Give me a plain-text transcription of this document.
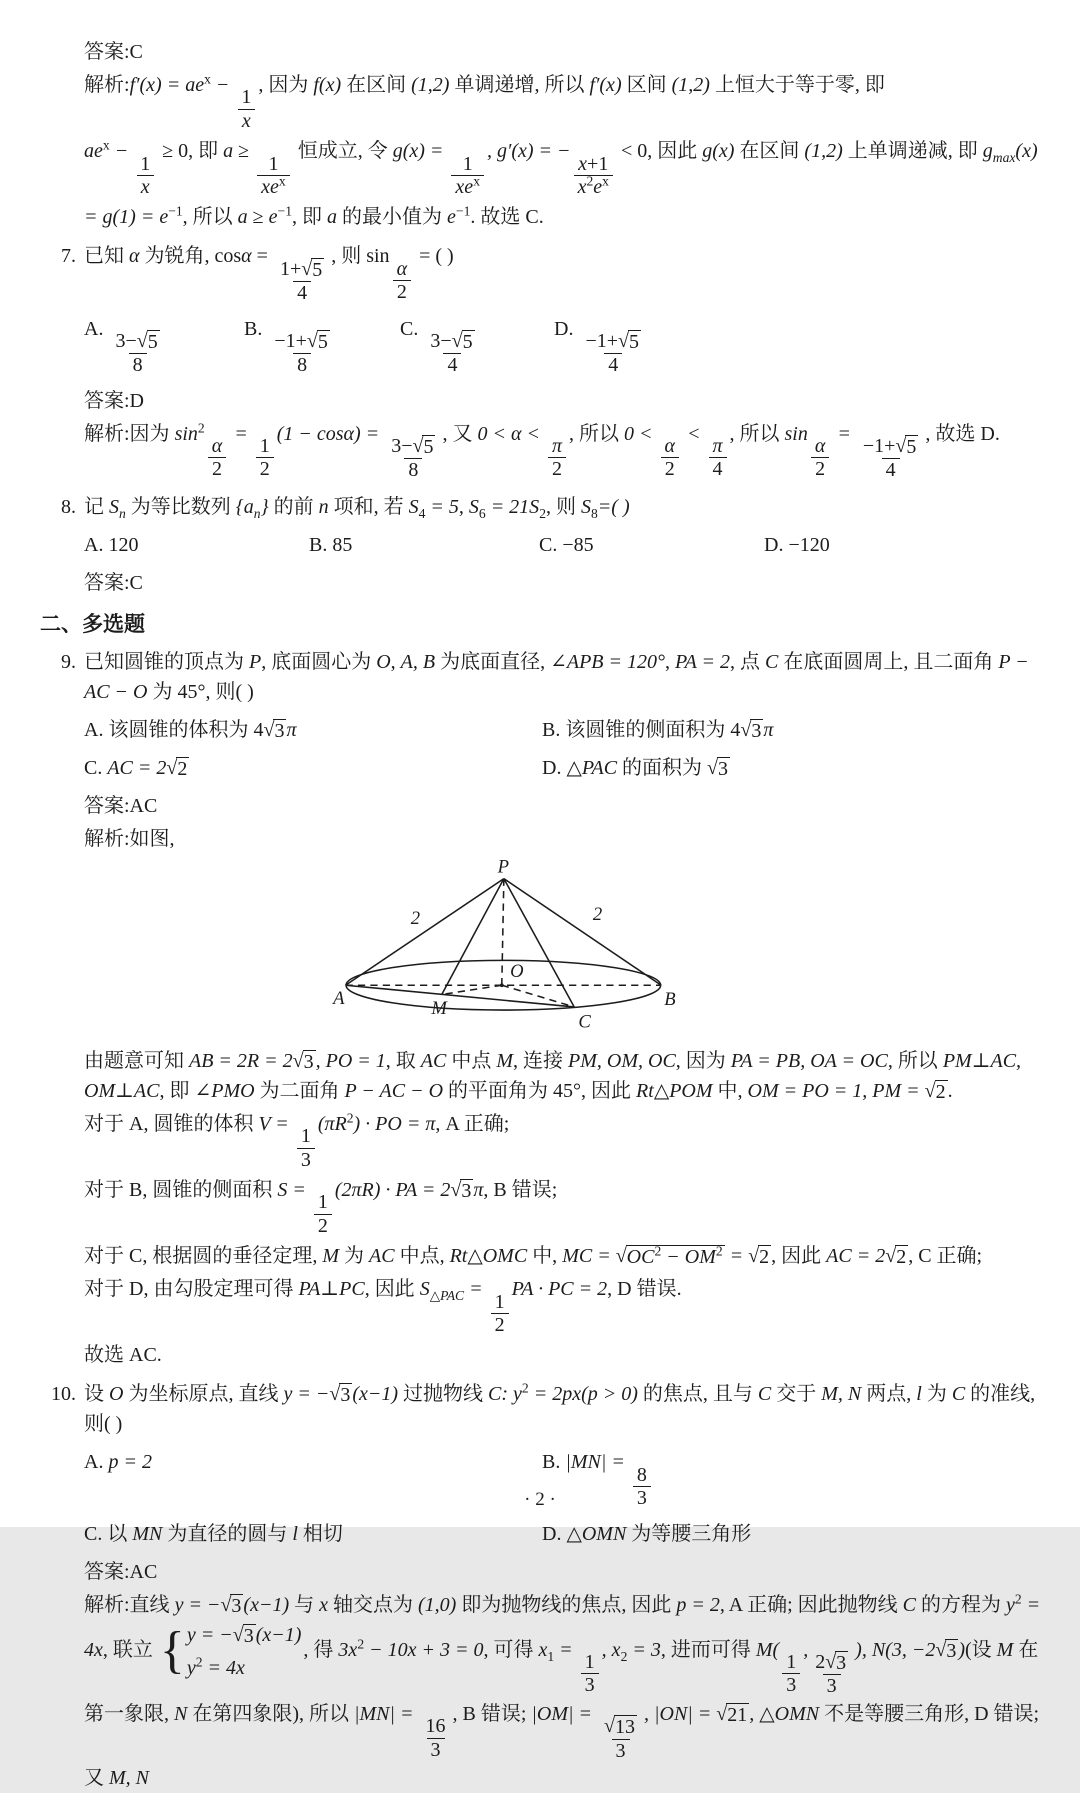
答案:C
解析:f′(x) = $ae^x$ −
$\frac{1}{x}$
, 因为 f(x) 在区间 (1,2) 单调递增, 所以 f′(x) 区间 (1,2) 上恒大于等于零, 即
$ae^x$ −
$\frac{1}{x}$
≥ 0, 即 a ≥
$\frac{1}{xe^x}$
恒成立, 令 g(x) =
$\frac{1}{xe^x}$
, g′(x) = −
$\frac{x+1}{x^2e^x}$
< 0, 因此 g(x) 在区间 (1,2) 上单调递减, 即 $g_{max}(x)$
= $g(1) = e^{-1}$, 所以 $a \ge e^{-1}$, 即 a 的最小值为 $e^{-1}$. 故选 C.
7. 已知 α 为锐角, cosα =
$\frac{1+ √ 5}{4}$
, 则 sin
$\frac{\alpha}{2}$
= ( )
A.
$\frac{3- √ 5}{8}$
B.
$\frac{-1+ √ 5}{8}$
C.
$\frac{3- √ 5}{4}$
D.
$\frac{-1+ √ 5}{4}$
答案:D
解析:因为 $\sin^2$
$\frac{\alpha}{2}$
=
$\frac{1}{2}$
(1 − cosα) =
$\frac{3- √ 5}{8}$
, 又 0 < α <
$\frac{\pi}{2}$
, 所以 0 <
$\frac{\alpha}{2}$
<
$\frac{\pi}{4}$
, 所以 sin
$\frac{\alpha}{2}$
=
$\frac{-1+ √ 5}{4}$
, 故选 D.
8. 记 $S_n$ 为等比数列 $\{a_n\}$ 的前 n 项和, 若 $S_4 = 5$, $S_6 = 21S_2$, 则 $S_8=$( )
A. 120	B. 85	C. −85	D. −120
答案:C
二、多选题
9. 已知圆锥的顶点为 P, 底面圆心为 O, A, B 为底面直径, ∠APB = 120°, PA = 2, 点 C 在底面圆周上, 且二面角 P − AC − O 为 45°, 则( )
A. 该圆锥的体积为 4 √ 3 π	B. 该圆锥的侧面积为 4 √ 3 π
C. AC = 2 √ 2	D. △PAC 的面积为 √ 3
答案:AC
解析:如图,
P
2	2
O
A	B
M
C
由题意可知 AB = 2R = 2 √ 3 , PO = 1, 取 AC 中点 M, 连接 PM, OM, OC, 因为 PA = PB, OA = OC, 所以 PM⊥AC, OM⊥AC, 即 ∠PMO 为二面角 P − AC − O 的平面角为 45°, 因此 Rt△POM 中, OM = PO = 1, PM = √ 2 .
对于 A, 圆锥的体积 V =
$\frac{1}{3}$
$(\pi R^2)$ · PO = π, A 正确;
对于 B, 圆锥的侧面积 S =
$\frac{1}{2}$
(2πR) · PA = 2 √ 3 π, B 错误;
对于 C, 根据圆的垂径定理, M 为 AC 中点, Rt△OMC 中, MC = √ $OC^2 - OM^2$ = √ 2 , 因此 AC = 2 √ 2 , C 正确;
对于 D, 由勾股定理可得 PA⊥PC, 因此 $S_{\triangle PAC}$ =
$\frac{1}{2}$
PA · PC = 2, D 错误.
故选 AC.
10. 设 O 为坐标原点, 直线 y = − √ 3 (x−1) 过抛物线 C: $y^2 = 2px(p > 0)$ 的焦点, 且与 C 交于 M, N 两点, l 为 C 的准线, 则( )
A. p = 2	B. |MN| =
$\frac{8}{3}$
C. 以 MN 为直径的圆与 l 相切	D. △OMN 为等腰三角形
答案:AC
解析:直线 y = − √ 3 (x−1) 与 x 轴交点为 (1,0) 即为抛物线的焦点, 因此 p = 2, A 正确; 因此抛物线 C 的方程为 $y^2 = 4x$, 联立 { y = − √ 3 (x−1)
$y^2 = 4x$
, 得 $3x^2 - 10x + 3 = 0$, 可得 $x_1$ =
$\frac{1}{3}$
, $x_2 = 3$, 进而可得 M(
$\frac{1}{3}$
,
$\frac{2 √ 3}{3}$
), N(3, −2 √ 3 )(设 M 在第一象限, N 在第四象限), 所以 |MN| =
$\frac{16}{3}$
, B 错误; |OM| =
$\frac{√ 13}{3}$
, |ON| = √ 21 , △OMN 不是等腰三角形, D 错误; 又 M, N
· 2 ·
